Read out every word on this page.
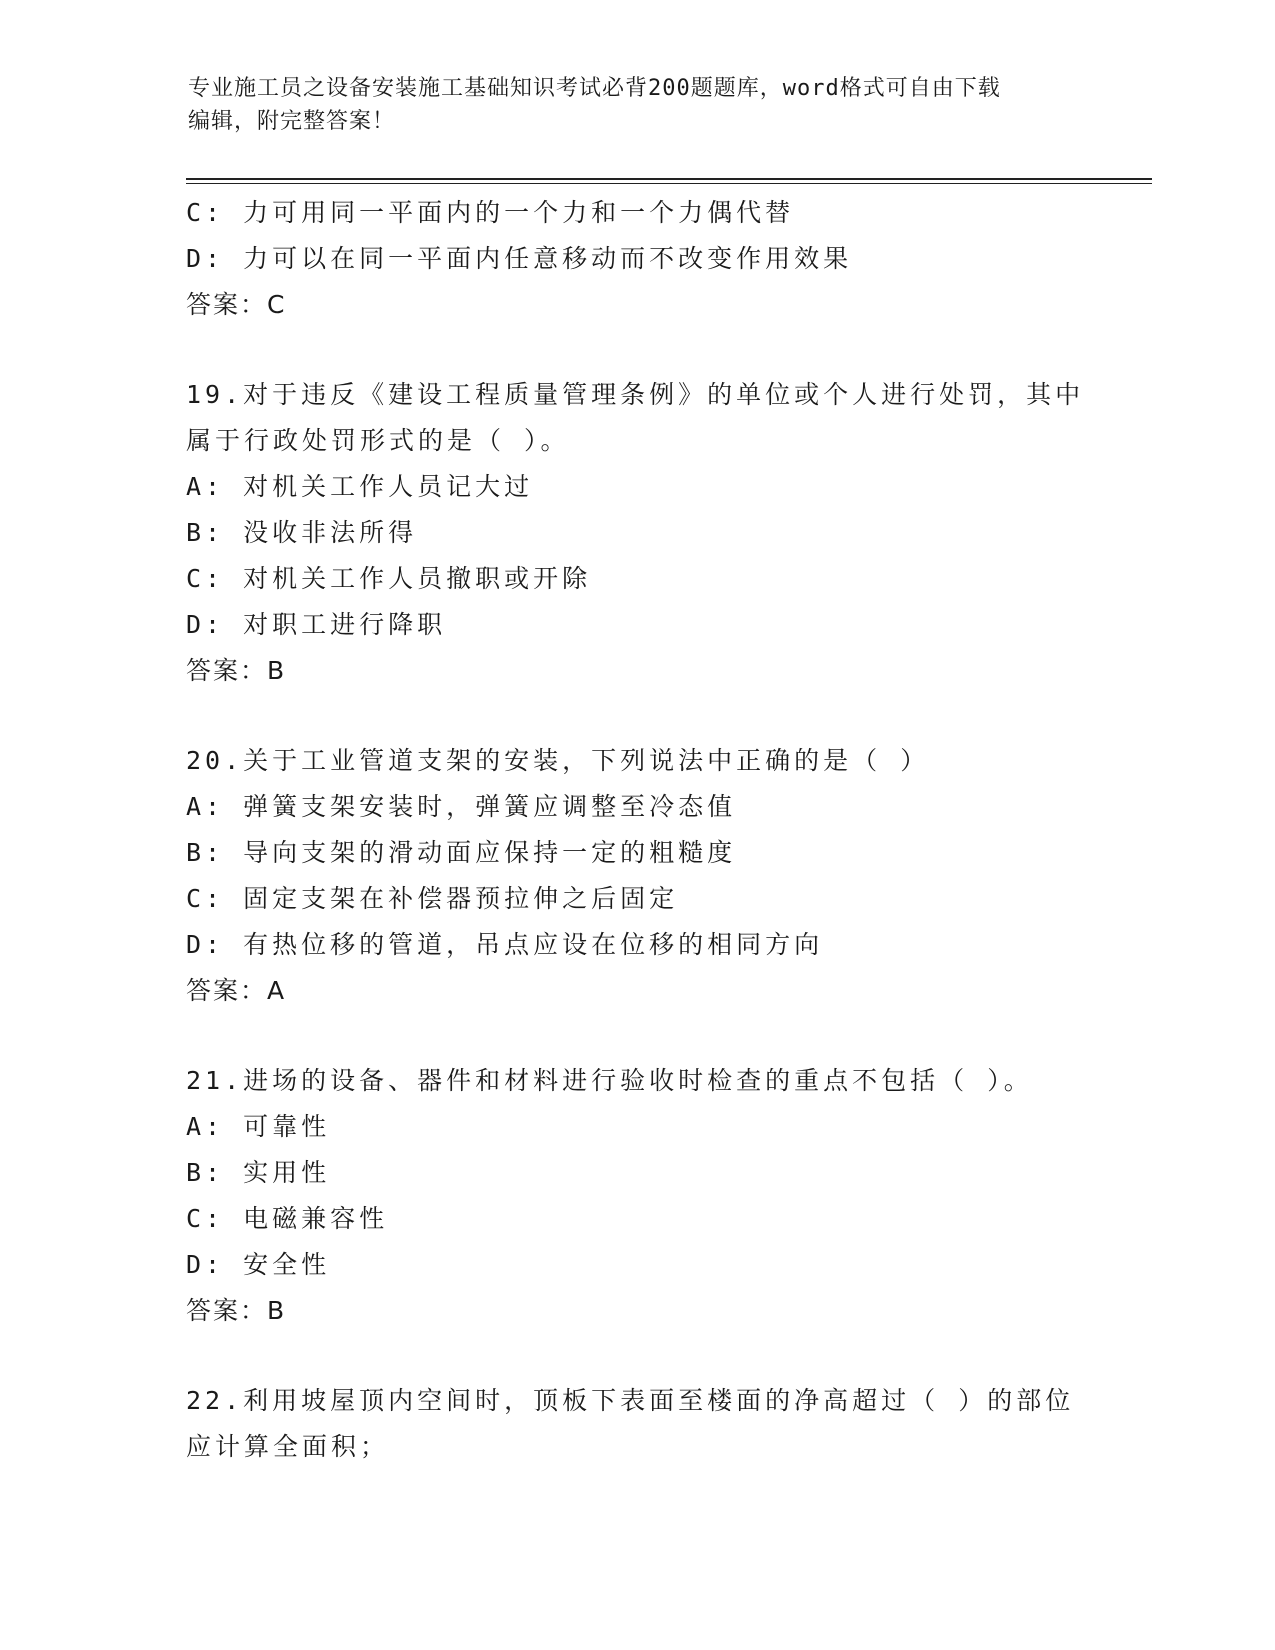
专业施工员之设备安装施工基础知识考试必背200题题库，word格式可自由下载
编辑，附完整答案！
C: 力可用同一平面内的一个力和一个力偶代替
D: 力可以在同一平面内任意移动而不改变作用效果
答案：C
19.对于违反《建设工程质量管理条例》的单位或个人进行处罚，其中
属于行政处罚形式的是（ ）。
A: 对机关工作人员记大过
B: 没收非法所得
C: 对机关工作人员撤职或开除
D: 对职工进行降职
答案：B
20.关于工业管道支架的安装，下列说法中正确的是（ ）
A: 弹簧支架安装时，弹簧应调整至冷态值
B: 导向支架的滑动面应保持一定的粗糙度
C: 固定支架在补偿器预拉伸之后固定
D: 有热位移的管道，吊点应设在位移的相同方向
答案：A
21.进场的设备、器件和材料进行验收时检查的重点不包括（ ）。
A: 可靠性
B: 实用性
C: 电磁兼容性
D: 安全性
答案：B
22.利用坡屋顶内空间时，顶板下表面至楼面的净高超过（ ）的部位
应计算全面积；
